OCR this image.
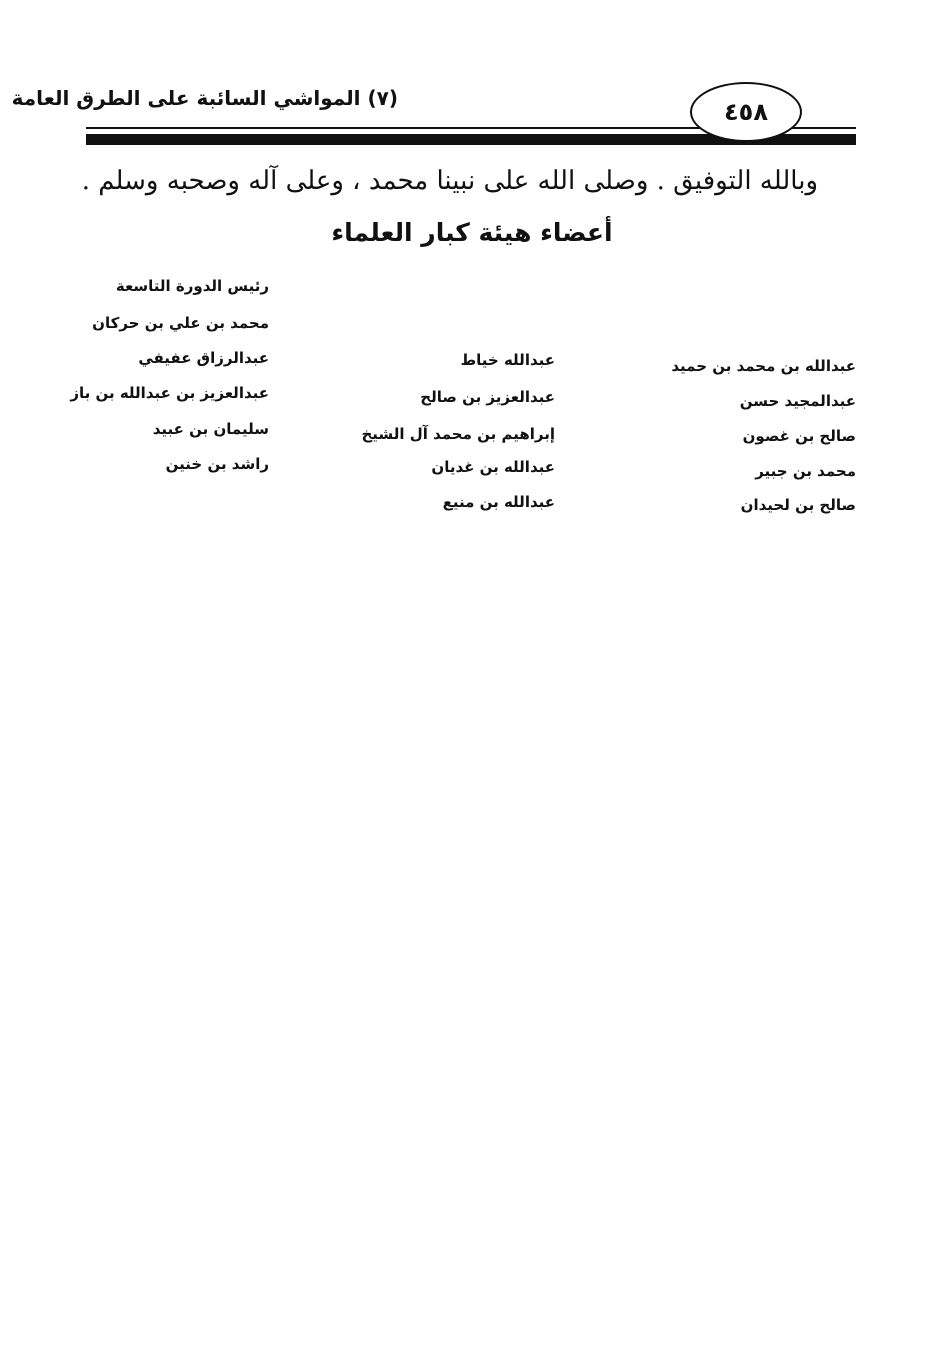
٤٥٨
(٧) المواشي السائبة على الطرق العامة
وبالله التوفيق . وصلى الله على نبينا محمد ، وعلى آله وصحبه وسلم .
أعضاء هيئة كبار العلماء
رئيس الدورة التاسعة
محمد بن علي بن حركان
عبدالرزاق عفيفي
عبدالعزيز بن عبدالله بن باز
سليمان بن عبيد
راشد بن خنين
عبدالله خياط
عبدالعزيز بن صالح
إبراهيم بن محمد آل الشيخ
عبدالله بن غديان
عبدالله بن منيع
عبدالله بن محمد بن حميد
عبدالمجيد حسن
صالح بن غصون
محمد بن جبير
صالح بن لحيدان
